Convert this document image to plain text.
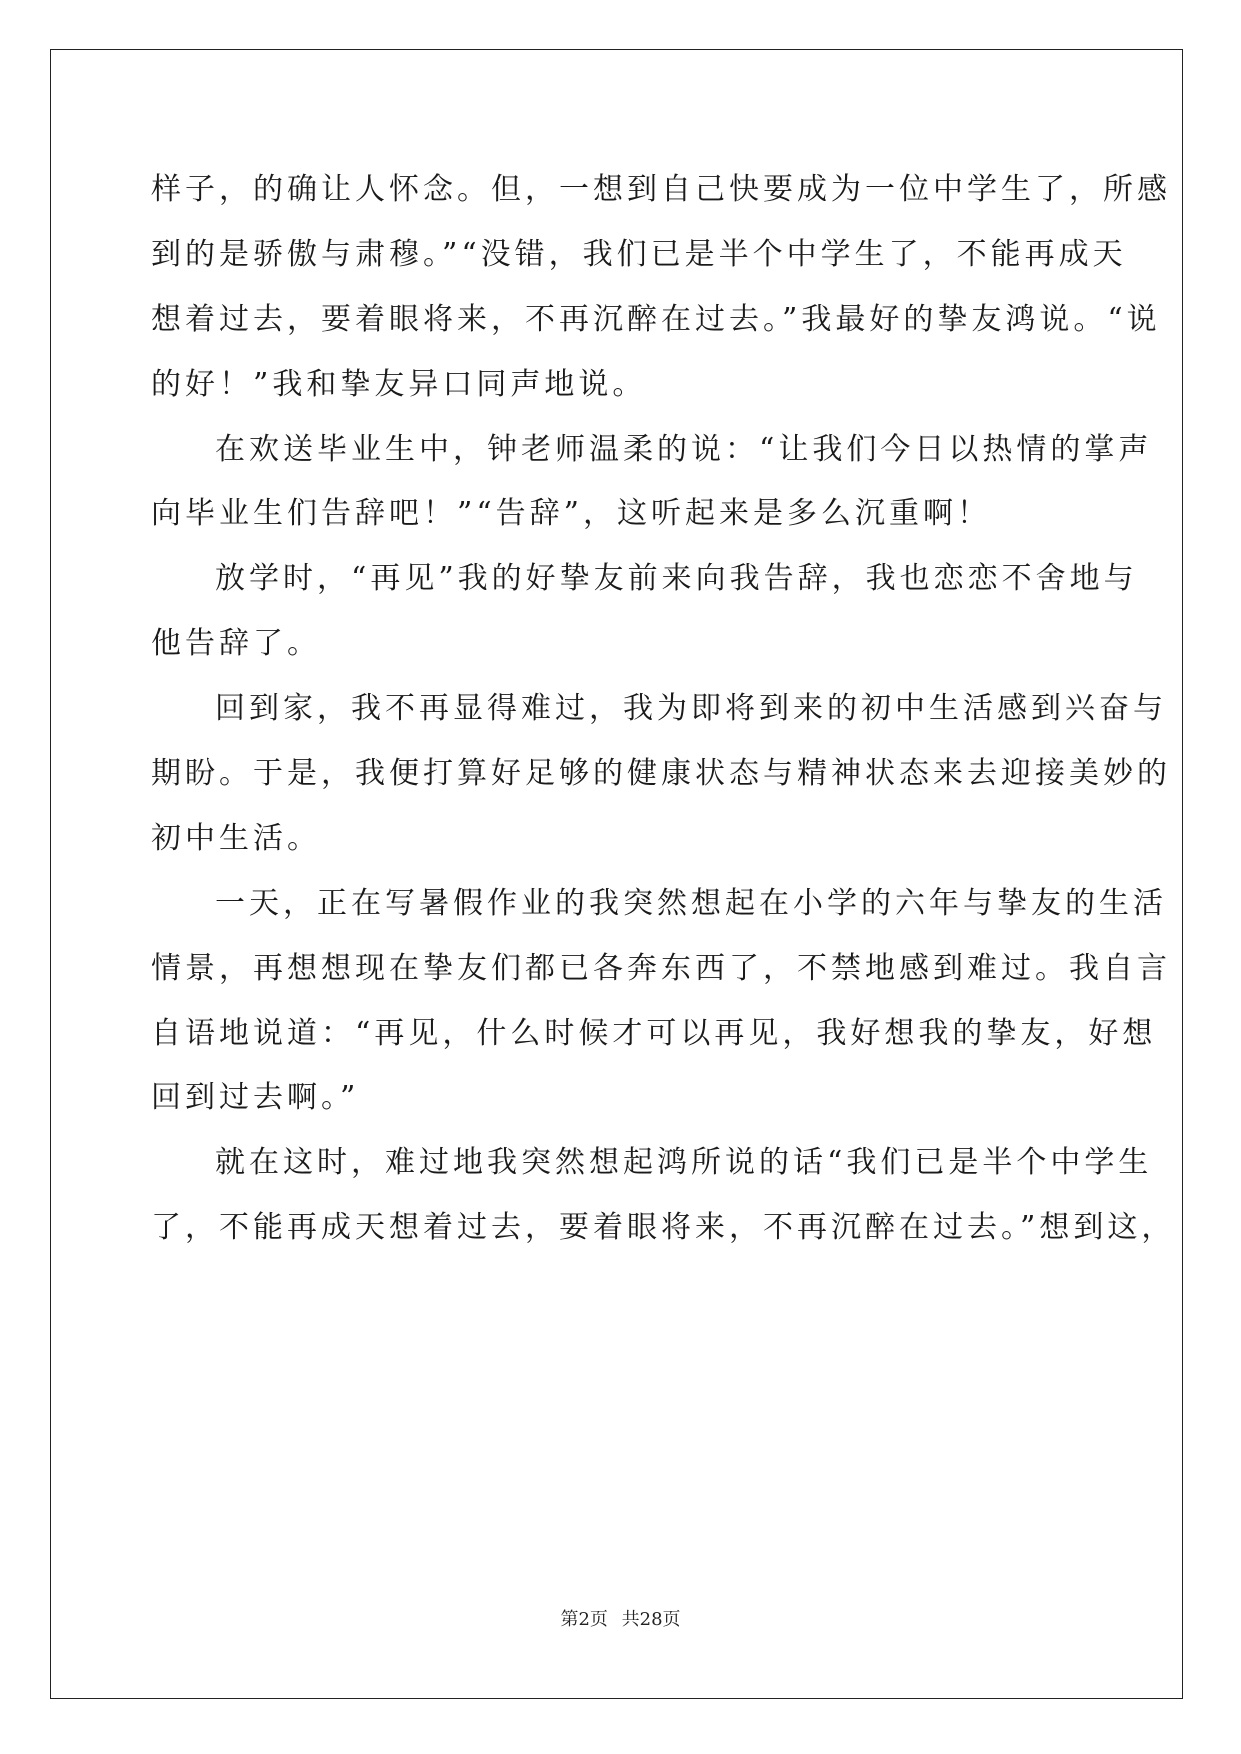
样子，的确让人怀念。但，一想到自己快要成为一位中学生了，所感
到的是骄傲与肃穆。”“没错，我们已是半个中学生了，不能再成天
想着过去，要着眼将来，不再沉醉在过去。”我最好的挚友鸿说。“说
的好！”我和挚友异口同声地说。
在欢送毕业生中，钟老师温柔的说：“让我们今日以热情的掌声
向毕业生们告辞吧！”“告辞”，这听起来是多么沉重啊！
放学时，“再见”我的好挚友前来向我告辞，我也恋恋不舍地与
他告辞了。
回到家，我不再显得难过，我为即将到来的初中生活感到兴奋与
期盼。于是，我便打算好足够的健康状态与精神状态来去迎接美妙的
初中生活。
一天，正在写暑假作业的我突然想起在小学的六年与挚友的生活
情景，再想想现在挚友们都已各奔东西了，不禁地感到难过。我自言
自语地说道：“再见，什么时候才可以再见，我好想我的挚友，好想
回到过去啊。”
就在这时，难过地我突然想起鸿所说的话“我们已是半个中学生
了，不能再成天想着过去，要着眼将来，不再沉醉在过去。”想到这，
第2页 共28页
